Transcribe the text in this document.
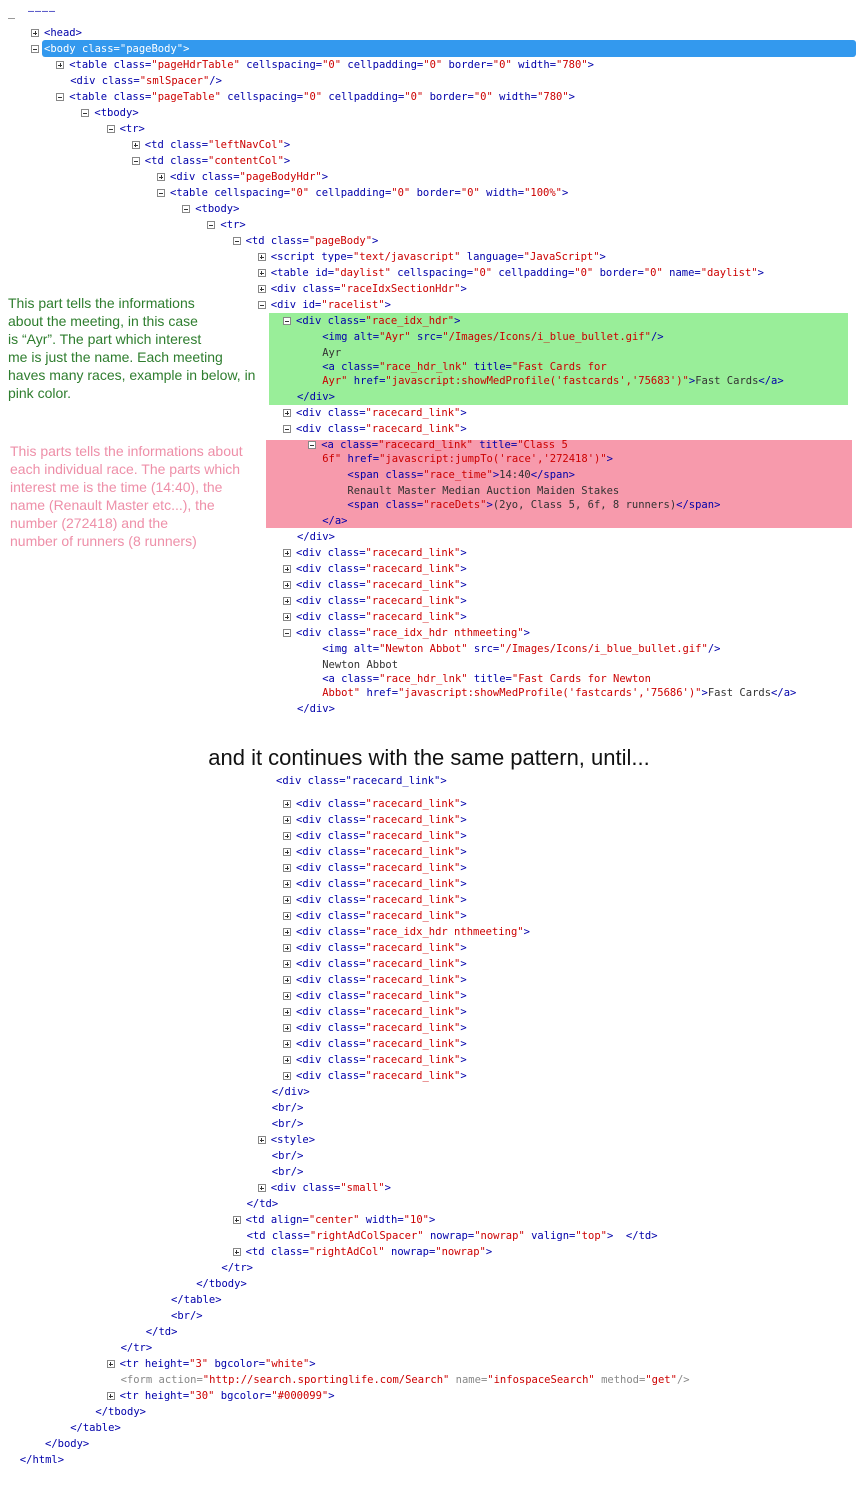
—–––
<head>
<body class="pageBody">
<table class="pageHdrTable" cellspacing="0" cellpadding="0" border="0" width="780">
<div class="smlSpacer"/>
<table class="pageTable" cellspacing="0" cellpadding="0" border="0" width="780">
<tbody>
<tr>
<td class="leftNavCol">
<td class="contentCol">
<div class="pageBodyHdr">
<table cellspacing="0" cellpadding="0" border="0" width="100%">
<tbody>
<tr>
<td class="pageBody">
<script type="text/javascript" language="JavaScript">
<table id="daylist" cellspacing="0" cellpadding="0" border="0" name="daylist">
<div class="raceIdxSectionHdr">
<div id="racelist">
<div class="race_idx_hdr">
<img alt="Ayr" src="/Images/Icons/i_blue_bullet.gif"/>
Ayr
<a class="race_hdr_lnk" title="Fast Cards for
Ayr" href="javascript:showMedProfile('fastcards','75683')">Fast Cards</a>
</div>
<div class="racecard_link">
<div class="racecard_link">
<a class="racecard_link" title="Class 5
6f" href="javascript:jumpTo('race','272418')">
<span class="race_time">14:40</span>
Renault Master Median Auction Maiden Stakes
<span class="raceDets">(2yo, Class 5, 6f, 8 runners)</span>
</a>
</div>
<div class="racecard_link">
<div class="racecard_link">
<div class="racecard_link">
<div class="racecard_link">
<div class="racecard_link">
<div class="race_idx_hdr nthmeeting">
<img alt="Newton Abbot" src="/Images/Icons/i_blue_bullet.gif"/>
Newton Abbot
<a class="race_hdr_lnk" title="Fast Cards for Newton
Abbot" href="javascript:showMedProfile('fastcards','75686')">Fast Cards</a>
</div>
This part tells the informations
about the meeting, in this case
is “Ayr”. The part which interest
me is just the name. Each meeting
haves many races, example in below, in
pink color.
This parts tells the informations about
each individual race. The parts which
interest me is the time (14:40), the
name (Renault Master etc...), the
number (272418) and the
number of runners (8 runners)
and it continues with the same pattern, until...
<div class="racecard_link">
<div class="racecard_link">
<div class="racecard_link">
<div class="racecard_link">
<div class="racecard_link">
<div class="racecard_link">
<div class="racecard_link">
<div class="racecard_link">
<div class="racecard_link">
<div class="race_idx_hdr nthmeeting">
<div class="racecard_link">
<div class="racecard_link">
<div class="racecard_link">
<div class="racecard_link">
<div class="racecard_link">
<div class="racecard_link">
<div class="racecard_link">
<div class="racecard_link">
<div class="racecard_link">
</div>
<br/>
<br/>
<style>
<br/>
<br/>
<div class="small">
</td>
<td align="center" width="10">
<td class="rightAdColSpacer" nowrap="nowrap" valign="top">  </td>
<td class="rightAdCol" nowrap="nowrap">
</tr>
</tbody>
</table>
<br/>
</td>
</tr>
<tr height="3" bgcolor="white">
<form action="http://search.sportinglife.com/Search" name="infospaceSearch" method="get"/>
<tr height="30" bgcolor="#000099">
</tbody>
</table>
</body>
</html>
